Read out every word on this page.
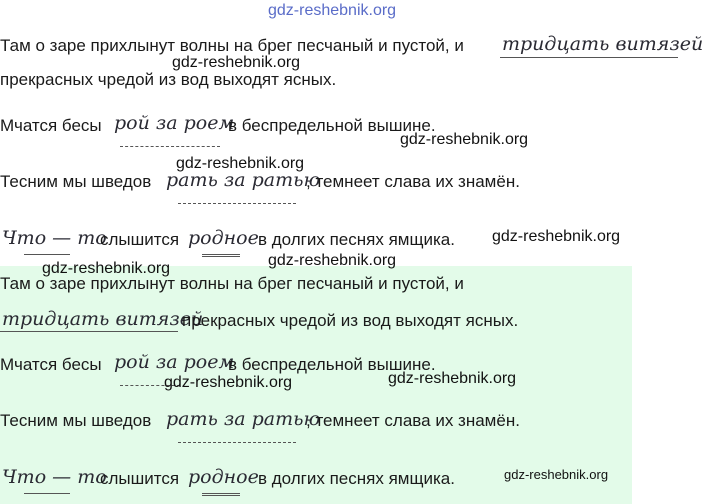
gdz-reshebnik.org
Там о заре прихлынут волны на брег песчаный и пустой, и тридцать витязей
прекрасных чредой из вод выходят ясных.
Мчатся бесы рой за роем
в беспредельной вышине.
Тесним мы шведов рать за ратью
, темнеет слава их знамён.
Что — то
слышится родное в долгих песнях ямщика.
gdz-reshebnik.org
gdz-reshebnik.org
gdz-reshebnik.org
gdz-reshebnik.org
gdz-reshebnik.org	gdz-reshebnik.org
Там о заре прихлынут волны на брег песчаный и пустой, и
тридцать витязей
прекрасных чредой из вод выходят ясных.
Мчатся бесы рой за роем
в беспредельной вышине.
gdz-reshebnik.org	gdz-reshebnik.org
Тесним мы шведов рать за ратью
, темнеет слава их знамён.
Что — то
слышится родное в долгих песнях ямщика.	gdz-reshebnik.org
